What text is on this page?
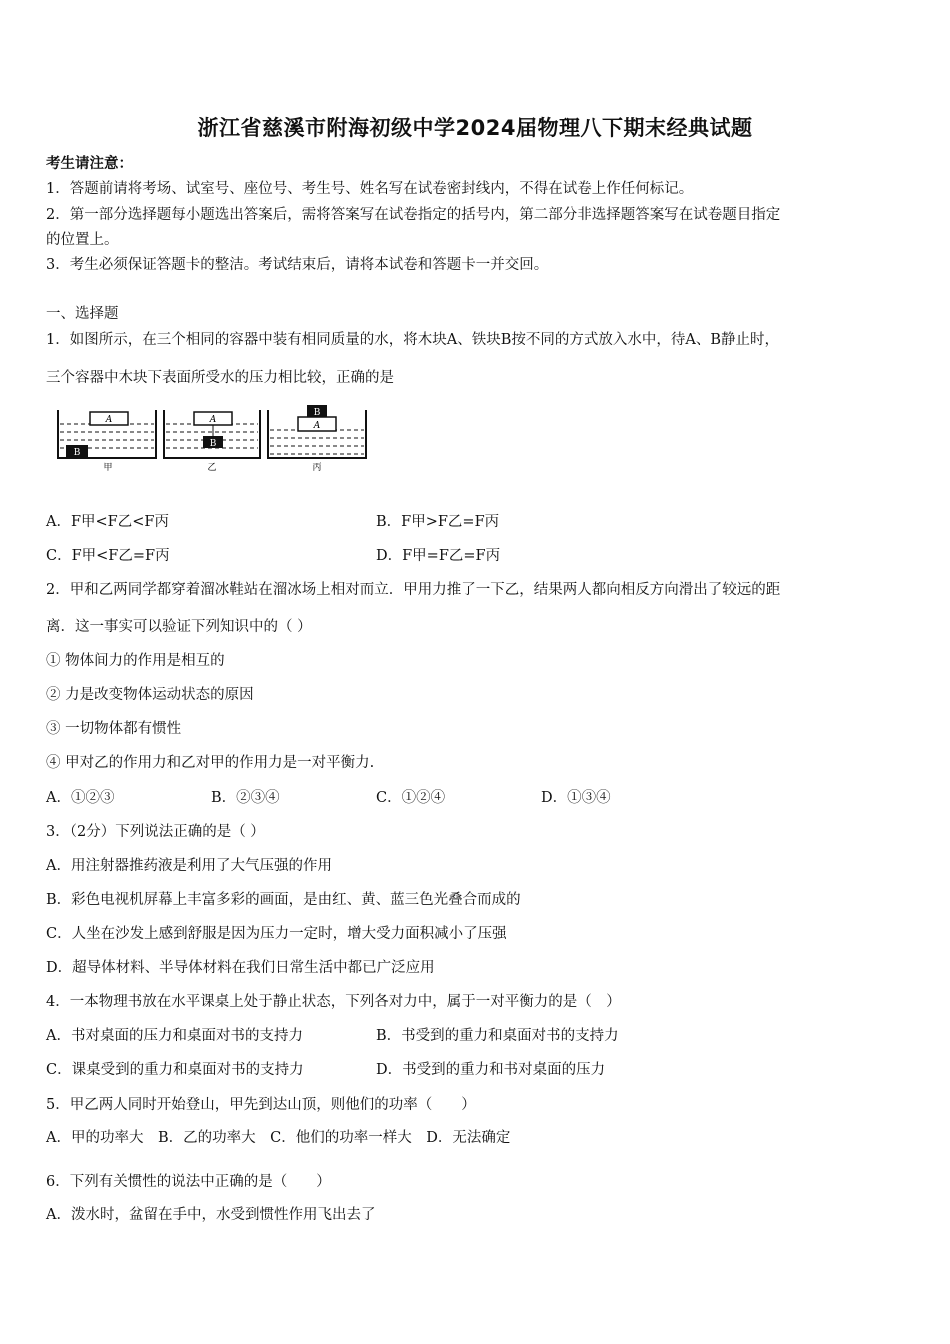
浙江省慈溪市附海初级中学2024届物理八下期末经典试题
考生请注意：
1．答题前请将考场、试室号、座位号、考生号、姓名写在试卷密封线内，不得在试卷上作任何标记。
2．第一部分选择题每小题选出答案后，需将答案写在试卷指定的括号内，第二部分非选择题答案写在试卷题目指定
的位置上。
3．考生必须保证答题卡的整洁。考试结束后，请将本试卷和答题卡一并交回。
一、选择题
1．如图所示，在三个相同的容器中装有相同质量的水，将木块A、铁块B按不同的方式放入水中，待A、B静止时，
三个容器中木块下表面所受水的压力相比较，正确的是
A
B
甲
A
B
乙
A
B
丙
A．F甲<F乙<F丙	B．F甲>F乙=F丙
C．F甲<F乙=F丙	D．F甲=F乙=F丙
2．甲和乙两同学都穿着溜冰鞋站在溜冰场上相对而立．甲用力推了一下乙，结果两人都向相反方向滑出了较远的距
离．这一事实可以验证下列知识中的（ ）
① 物体间力的作用是相互的
② 力是改变物体运动状态的原因
③ 一切物体都有惯性
④ 甲对乙的作用力和乙对甲的作用力是一对平衡力.
A．①②③	B．②③④	C．①②④	D．①③④
3．（2分）下列说法正确的是（ ）
A．用注射器推药液是利用了大气压强的作用
B．彩色电视机屏幕上丰富多彩的画面，是由红、黄、蓝三色光叠合而成的
C．人坐在沙发上感到舒服是因为压力一定时，增大受力面积减小了压强
D．超导体材料、半导体材料在我们日常生活中都已广泛应用
4．一本物理书放在水平课桌上处于静止状态，下列各对力中，属于一对平衡力的是（　）
A．书对桌面的压力和桌面对书的支持力	B．书受到的重力和桌面对书的支持力
C．课桌受到的重力和桌面对书的支持力	D．书受到的重力和书对桌面的压力
5．甲乙两人同时开始登山，甲先到达山顶，则他们的功率（　　）
A．甲的功率大　B．乙的功率大　C．他们的功率一样大　D．无法确定
6．下列有关惯性的说法中正确的是（　　）
A．泼水时，盆留在手中，水受到惯性作用飞出去了
